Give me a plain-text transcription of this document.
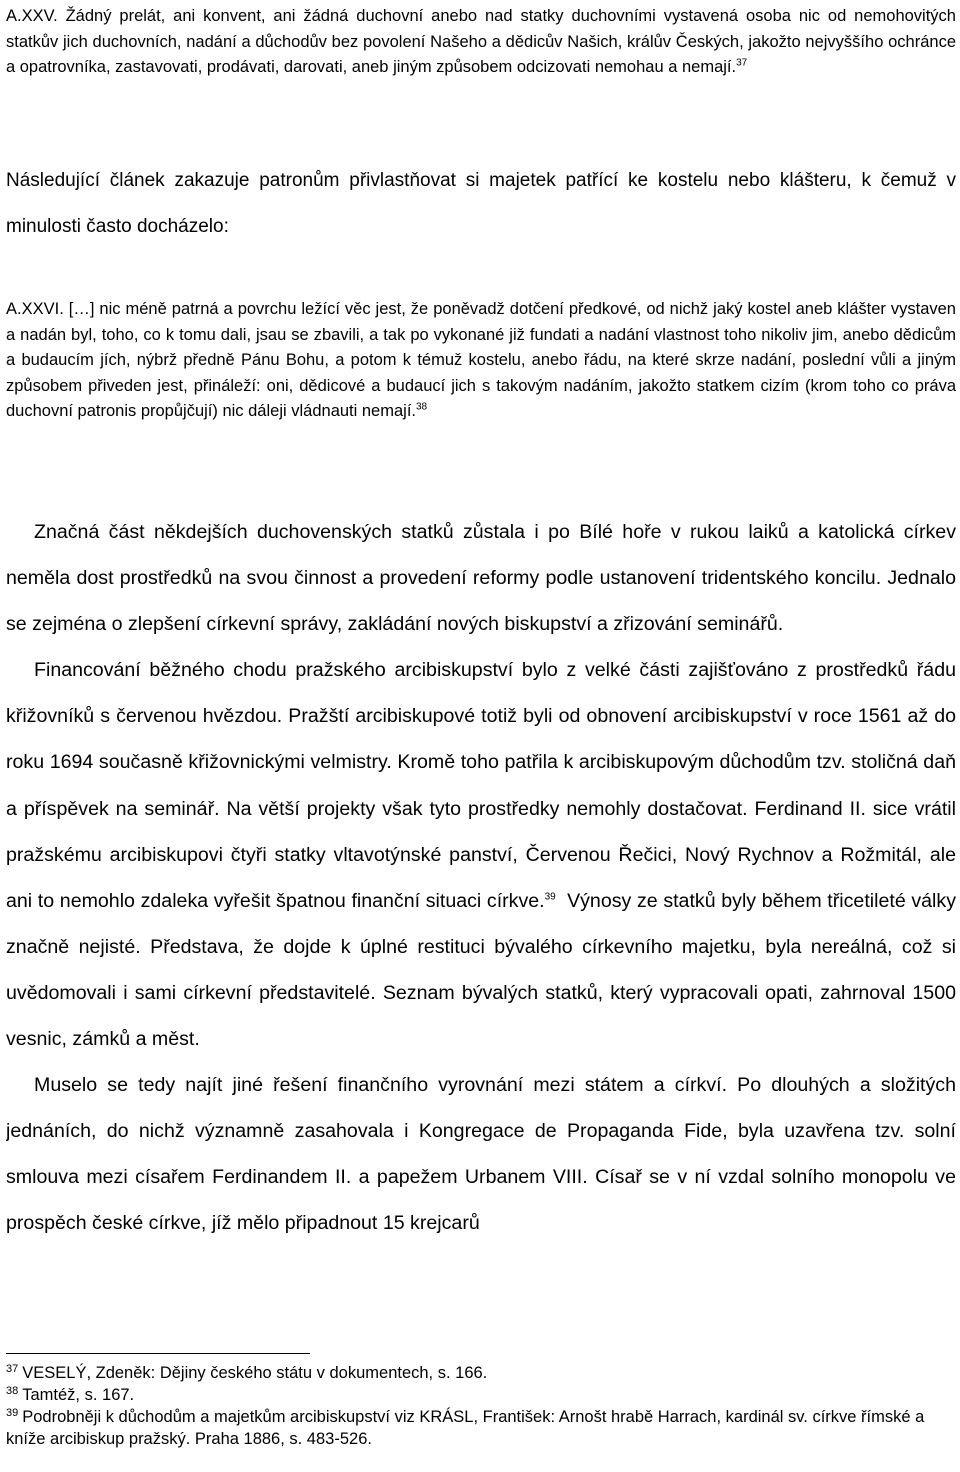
A.XXV. Žádný prelát, ani konvent, ani žádná duchovní anebo nad statky duchovními vystavená osoba nic od nemohovitých statkův jich duchovních, nadání a důchodův bez povolení Našeho a dědicův Našich, králův Českých, jakožto nejvyššího ochránce a opatrovníka, zastavovati, prodávati, darovati, aneb jiným způsobem odcizovati nemohau a nemají.$^{37}$

Následující článek zakazuje patronům přivlastňovat si majetek patřící ke kostelu nebo klášteru, k čemuž v minulosti často docházelo:

A.XXVI. […] nic méně patrná a povrchu ležící věc jest, že poněvadž dotčení předkové, od nichž jaký kostel aneb klášter vystaven a nadán byl, toho, co k tomu dali, jsau se zbavili, a tak po vykonané již fundati a nadání vlastnost toho nikoliv jim, anebo dědicům a budaucím jích, nýbrž předně Pánu Bohu, a potom k témuž kostelu, anebo řádu, na které skrze nadání, poslední vůli a jiným způsobem přiveden jest, přináleží: oni, dědicové a budaucí jich s takovým nadáním, jakožto statkem cizím (krom toho co práva duchovní patronis propůjčují) nic dáleji vládnauti nemají.$^{38}$

Značná část někdejších duchovenských statků zůstala i po Bílé hoře v rukou laiků a katolická církev neměla dost prostředků na svou činnost a provedení reformy podle ustanovení tridentského koncilu. Jednalo se zejména o zlepšení církevní správy, zakládání nových biskupství a zřizování seminářů.

Financování běžného chodu pražského arcibiskupství bylo z velké části zajišťováno z prostředků řádu křižovníků s červenou hvězdou. Pražští arcibiskupové totiž byli od obnovení arcibiskupství v roce 1561 až do roku 1694 současně křižovnickými velmistry. Kromě toho patřila k arcibiskupovým důchodům tzv. stoličná daň a příspěvek na seminář. Na větší projekty však tyto prostředky nemohly dostačovat. Ferdinand II. sice vrátil pražskému arcibiskupovi čtyři statky vltavotýnské panství, Červenou Řečici, Nový Rychnov a Rožmitál, ale ani to nemohlo zdaleka vyřešit špatnou finanční situaci církve.$^{39}$ Výnosy ze statků byly během třicetileté války značně nejisté. Představa, že dojde k úplné restituci bývalého církevního majetku, byla nereálná, což si uvědomovali i sami církevní představitelé. Seznam bývalých statků, který vypracovali opati, zahrnoval 1500 vesnic, zámků a měst.

Muselo se tedy najít jiné řešení finančního vyrovnání mezi státem a církví. Po dlouhých a složitých jednáních, do nichž významně zasahovala i Kongregace de Propaganda Fide, byla uzavřena tzv. solní smlouva mezi císařem Ferdinandem II. a papežem Urbanem VIII. Císař se v ní vzdal solního monopolu ve prospěch české církve, jíž mělo připadnout 15 krejcarů

$^{37}$ VESELÝ, Zdeněk: Dějiny českého státu v dokumentech, s. 166.

$^{38}$ Tamtéž, s. 167.

$^{39}$ Podrobněji k důchodům a majetkům arcibiskupství viz KRÁSL, František: Arnošt hrabě Harrach, kardinál sv. církve římské a kníže arcibiskup pražský. Praha 1886, s. 483-526.
